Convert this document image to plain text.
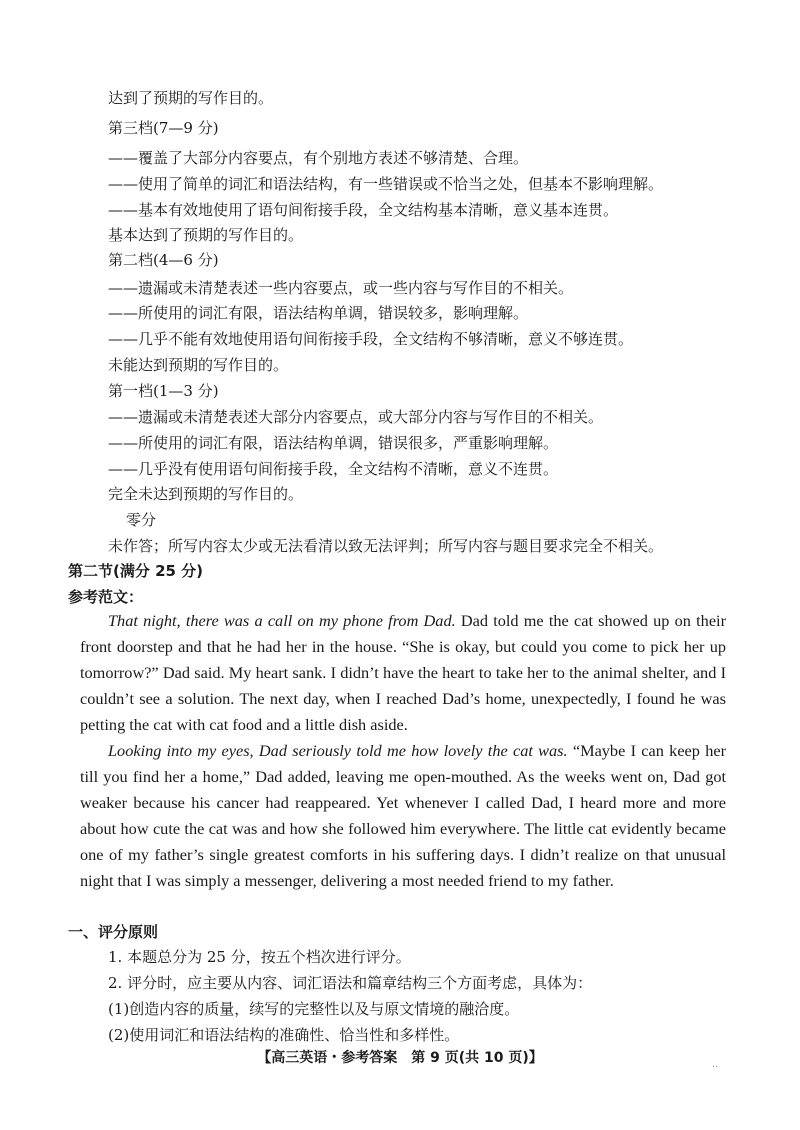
达到了预期的写作目的。
第三档(7—9 分)
——覆盖了大部分内容要点，有个别地方表述不够清楚、合理。
——使用了简单的词汇和语法结构，有一些错误或不恰当之处，但基本不影响理解。
——基本有效地使用了语句间衔接手段，全文结构基本清晰，意义基本连贯。
基本达到了预期的写作目的。
第二档(4—6 分)
——遗漏或未清楚表述一些内容要点，或一些内容与写作目的不相关。
——所使用的词汇有限，语法结构单调，错误较多，影响理解。
——几乎不能有效地使用语句间衔接手段，全文结构不够清晰，意义不够连贯。
未能达到预期的写作目的。
第一档(1—3 分)
——遗漏或未清楚表述大部分内容要点，或大部分内容与写作目的不相关。
——所使用的词汇有限，语法结构单调，错误很多，严重影响理解。
——几乎没有使用语句间衔接手段，全文结构不清晰，意义不连贯。
完全未达到预期的写作目的。
零分
未作答；所写内容太少或无法看清以致无法评判；所写内容与题目要求完全不相关。
第二节(满分 25 分)
参考范文：

That night, there was a call on my phone from Dad. Dad told me the cat showed up on their front doorstep and that he had her in the house. “She is okay, but could you come to pick her up tomorrow?” Dad said. My heart sank. I didn’t have the heart to take her to the animal shelter, and I couldn’t see a solution. The next day, when I reached Dad’s home, unexpectedly, I found he was petting the cat with cat food and a little dish aside.

Looking into my eyes, Dad seriously told me how lovely the cat was. “Maybe I can keep her till you find her a home,” Dad added, leaving me open-mouthed. As the weeks went on, Dad got weaker because his cancer had reappeared. Yet whenever I called Dad, I heard more and more about how cute the cat was and how she followed him everywhere. The little cat evidently became one of my father’s single greatest comforts in his suffering days. I didn’t realize on that unusual night that I was simply a messenger, delivering a most needed friend to my father.

一、评分原则
1. 本题总分为 25 分，按五个档次进行评分。
2. 评分时，应主要从内容、词汇语法和篇章结构三个方面考虑，具体为：
(1)创造内容的质量，续写的完整性以及与原文情境的融洽度。
(2)使用词汇和语法结构的准确性、恰当性和多样性。
【高三英语・参考答案　第 9 页(共 10 页)】
··
